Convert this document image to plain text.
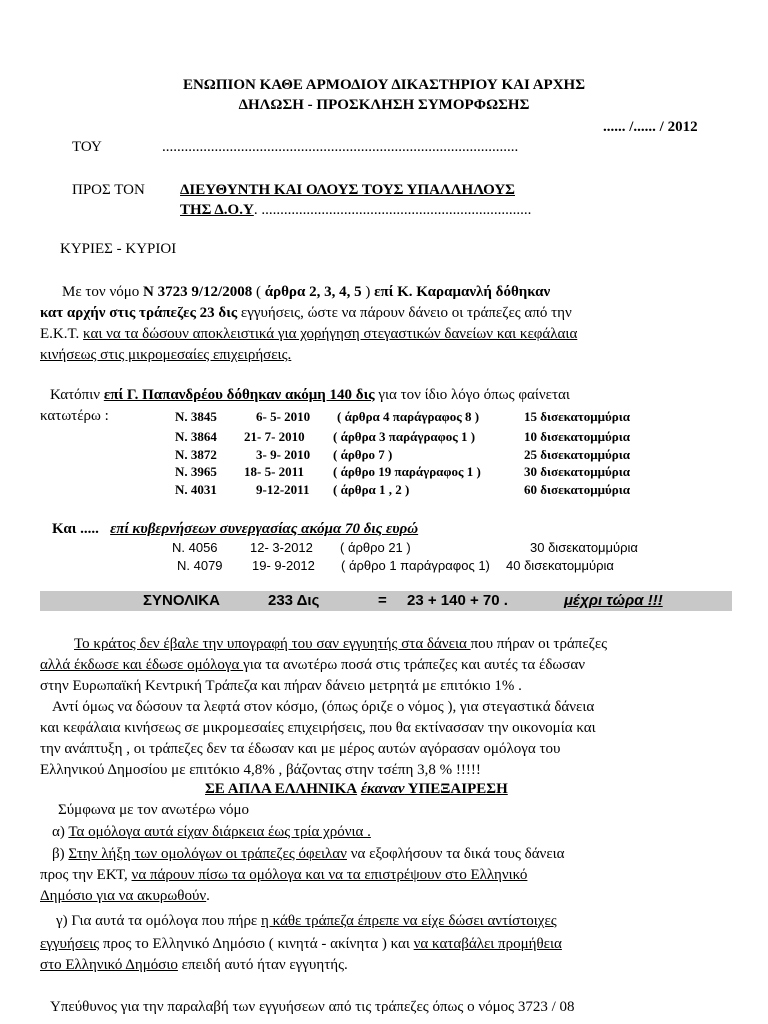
ΕΝΩΠΙΟΝ ΚΑΘΕ ΑΡΜΟΔΙΟΥ ΔΙΚΑΣΤΗΡΙΟΥ ΚΑΙ ΑΡΧΗΣ
ΔΗΛΩΣΗ - ΠΡΟΣΚΛΗΣΗ ΣΥΜΟΡΦΩΣΗΣ
...... /...... / 2012
ΤΟΥ	...............................................................................................
ΠΡΟΣ ΤΟΝ ΔΙΕΥΘΥΝΤΗ ΚΑΙ ΟΛΟΥΣ ΤΟΥΣ ΥΠΑΛΛΗΛΟΥΣ
ΤΗΣ Δ.Ο.Υ. ........................................................................
ΚΥΡΙΕΣ - ΚΥΡΙΟΙ
Με τον νόμο Ν 3723 9/12/2008 ( άρθρα 2, 3, 4, 5 ) επί Κ. Καραμανλή δόθηκαν
κατ αρχήν στις τράπεζες 23 δις εγγυήσεις, ώστε να πάρουν δάνειο οι τράπεζες από την
Ε.Κ.Τ. και να τα δώσουν αποκλειστικά για χορήγηση στεγαστικών δανείων και κεφάλαια
κινήσεως στις μικρομεσαίες επιχειρήσεις.
Κατόπιν επί Γ. Παπανδρέου δόθηκαν ακόμη 140 δις για τον ίδιο λόγο όπως φαίνεται
κατωτέρω :	Ν. 3845	6- 5- 2010 ( άρθρα 4 παράγραφος 8 )	15 δισεκατομμύρια
Ν. 3864 21- 7- 2010 ( άρθρα 3 παράγραφος 1 )	10 δισεκατομμύρια
Ν. 3872	3- 9- 2010 ( άρθρο 7 )	25 δισεκατομμύρια
Ν. 3965 18- 5- 2011 ( άρθρο 19 παράγραφος 1 )	30 δισεκατομμύρια
Ν. 4031	9-12-2011 ( άρθρα 1 , 2 )	60 δισεκατομμύρια
Και ..... επί κυβερνήσεων συνεργασίας ακόμα 70 δις ευρώ
Ν. 4056 12- 3-2012 ( άρθρο 21 )	30 δισεκατομμύρια
Ν. 4079 19- 9-2012 ( άρθρο 1 παράγραφος 1) 40 δισεκατομμύρια
ΣΥΝΟΛΙΚΑ	233 Δις	= 23 + 140 + 70 .	μέχρι τώρα !!!
Το κράτος δεν έβαλε την υπογραφή του σαν εγγυητής στα δάνεια που πήραν οι τράπεζες
αλλά έκδωσε και έδωσε ομόλογα για τα ανωτέρω ποσά στις τράπεζες και αυτές τα έδωσαν
στην Ευρωπαϊκή Κεντρική Τράπεζα και πήραν δάνειο μετρητά με επιτόκιο 1% .
Αντί όμως να δώσουν τα λεφτά στον κόσμο, (όπως όριζε ο νόμος ), για στεγαστικά δάνεια
και κεφάλαια κινήσεως σε μικρομεσαίες επιχειρήσεις, που θα εκτίνασσαν την οικονομία και
την ανάπτυξη , οι τράπεζες δεν τα έδωσαν και με μέρος αυτών αγόρασαν ομόλογα του
Ελληνικού Δημοσίου με επιτόκιο 4,8% , βάζοντας στην τσέπη 3,8 % !!!!!
ΣΕ ΑΠΛΑ ΕΛΛΗΝΙΚΑ έκαναν ΥΠΕΞΑΙΡΕΣΗ
Σύμφωνα με τον ανωτέρω νόμο
α) Τα ομόλογα αυτά είχαν διάρκεια έως τρία χρόνια .
β) Στην λήξη των ομολόγων οι τράπεζες όφειλαν να εξοφλήσουν τα δικά τους δάνεια
προς την ΕΚΤ, να πάρουν πίσω τα ομόλογα και να τα επιστρέψουν στο Ελληνικό
Δημόσιο για να ακυρωθούν.
γ) Για αυτά τα ομόλογα που πήρε η κάθε τράπεζα έπρεπε να είχε δώσει αντίστοιχες
εγγυήσεις προς το Ελληνικό Δημόσιο ( κινητά - ακίνητα ) και να καταβάλει προμήθεια
στο Ελληνικό Δημόσιο επειδή αυτό ήταν εγγυητής.
Υπεύθυνος για την παραλαβή των εγγυήσεων από τις τράπεζες όπως ο νόμος 3723 / 08
